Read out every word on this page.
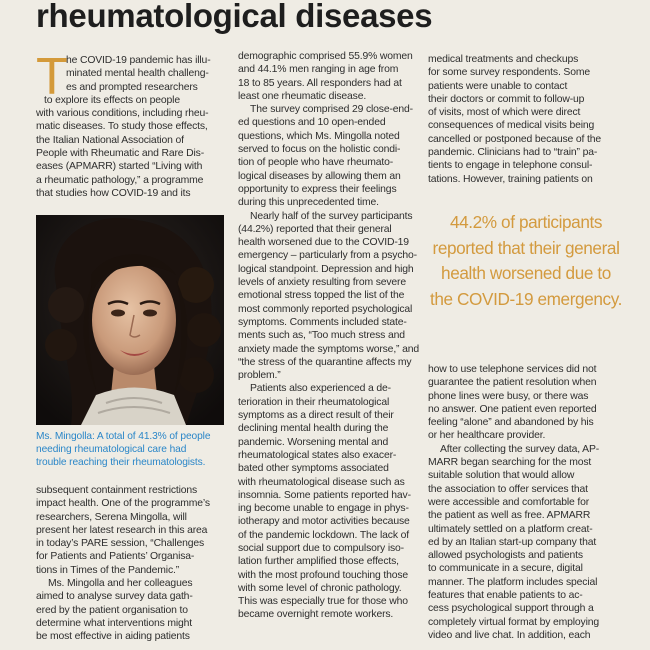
rheumatological diseases
T
he COVID-19 pandemic has illu-
minated mental health challeng-
es and prompted researchers
to explore its effects on people
with various conditions, including rheu-
matic diseases. To study those effects,
the Italian National Association of
People with Rheumatic and Rare Dis-
eases (APMARR) started “Living with
a rheumatic pathology,” a programme
that studies how COVID-19 and its
Ms. Mingolla: A total of 41.3% of people
needing rheumatological care had
trouble reaching their rheumatologists.
subsequent containment restrictions
impact health. One of the programme’s
researchers, Serena Mingolla, will
present her latest research in this area
in today’s PARE session, “Challenges
for Patients and Patients’ Organisa-
tions in Times of the Pandemic.”
Ms. Mingolla and her colleagues
aimed to analyse survey data gath-
ered by the patient organisation to
determine what interventions might
be most effective in aiding patients
demographic comprised 55.9% women
and 44.1% men ranging in age from
18 to 85 years. All responders had at
least one rheumatic disease.
The survey comprised 29 close-end-
ed questions and 10 open-ended
questions, which Ms. Mingolla noted
served to focus on the holistic condi-
tion of people who have rheumato-
logical diseases by allowing them an
opportunity to express their feelings
during this unprecedented time.
Nearly half of the survey participants
(44.2%) reported that their general
health worsened due to the COVID-19
emergency – particularly from a psycho-
logical standpoint. Depression and high
levels of anxiety resulting from severe
emotional stress topped the list of the
most commonly reported psychological
symptoms. Comments included state-
ments such as, “Too much stress and
anxiety made the symptoms worse,” and
“the stress of the quarantine affects my
problem.”
Patients also experienced a de-
terioration in their rheumatological
symptoms as a direct result of their
declining mental health during the
pandemic. Worsening mental and
rheumatological states also exacer-
bated other symptoms associated
with rheumatological disease such as
insomnia. Some patients reported hav-
ing become unable to engage in phys-
iotherapy and motor activities because
of the pandemic lockdown. The lack of
social support due to compulsory iso-
lation further amplified those effects,
with the most profound touching those
with some level of chronic pathology.
This was especially true for those who
became overnight remote workers.
medical treatments and checkups
for some survey respondents. Some
patients were unable to contact
their doctors or commit to follow-up
of visits, most of which were direct
consequences of medical visits being
cancelled or postponed because of the
pandemic. Clinicians had to “train” pa-
tients to engage in telephone consul-
tations. However, training patients on
44.2% of participants
reported that their general
health worsened due to
the COVID-19 emergency.
how to use telephone services did not
guarantee the patient resolution when
phone lines were busy, or there was
no answer. One patient even reported
feeling “alone” and abandoned by his
or her healthcare provider.
After collecting the survey data, AP-
MARR began searching for the most
suitable solution that would allow
the association to offer services that
were accessible and comfortable for
the patient as well as free. APMARR
ultimately settled on a platform creat-
ed by an Italian start-up company that
allowed psychologists and patients
to communicate in a secure, digital
manner. The platform includes special
features that enable patients to ac-
cess psychological support through a
completely virtual format by employing
video and live chat. In addition, each
